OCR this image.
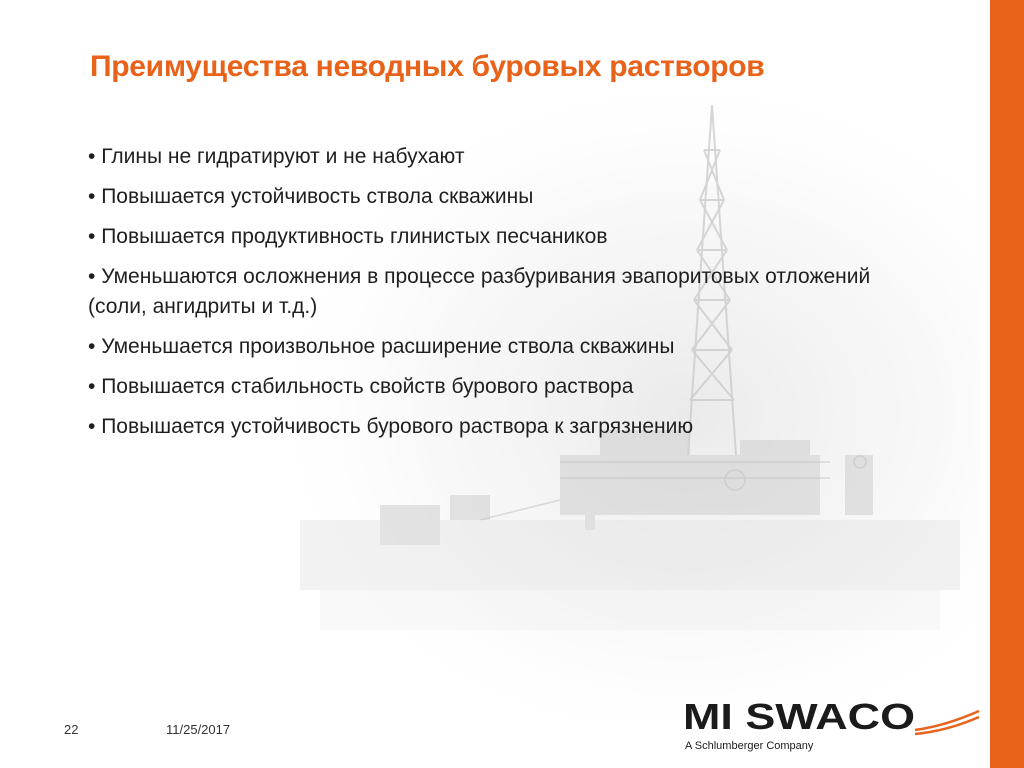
Преимущества неводных буровых растворов
• Глины не гидратируют и не набухают
• Повышается устойчивость ствола скважины
• Повышается продуктивность глинистых песчаников
• Уменьшаются осложнения в процессе разбуривания эвапоритовых отложений (соли, ангидриты и т.д.)
• Уменьшается произвольное расширение ствола скважины
• Повышается стабильность свойств бурового раствора
• Повышается устойчивость бурового раствора к загрязнению
22	11/25/2017	MI SWACO
A Schlumberger Company
